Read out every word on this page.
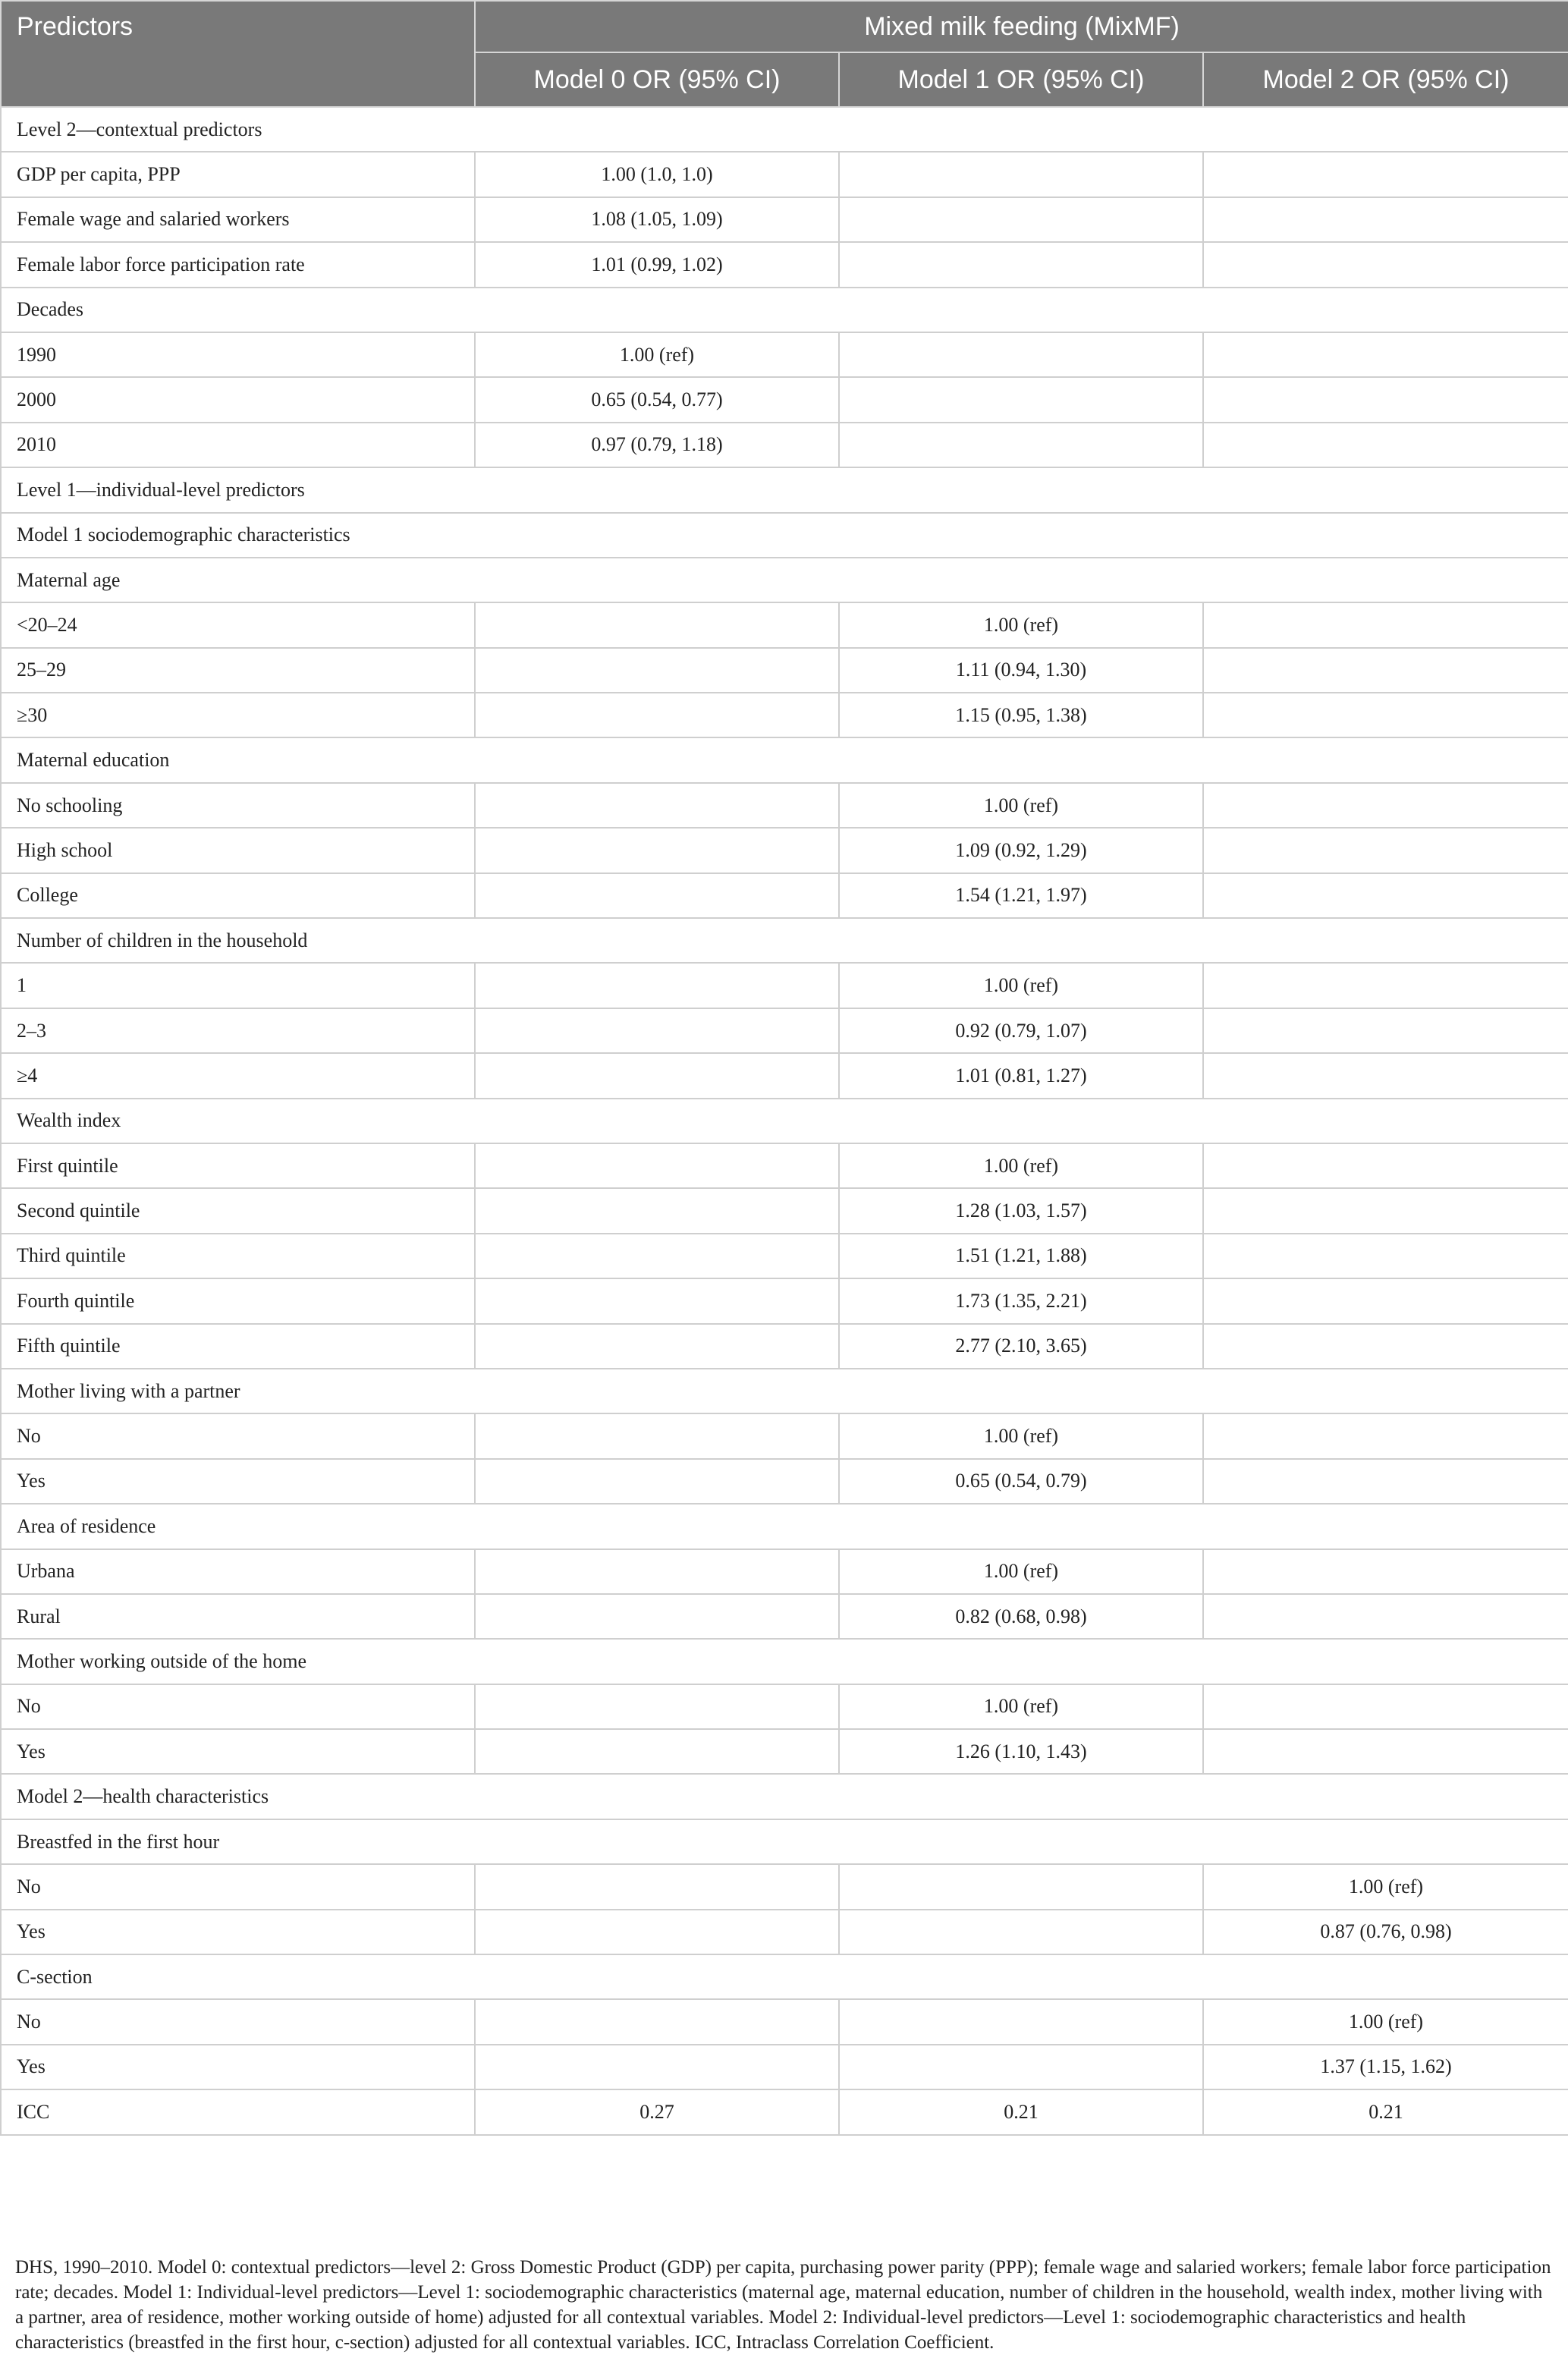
Predictors	Mixed milk feeding (MixMF)		
	Model 0 OR (95% CI)	Model 1 OR (95% CI)	Model 2 OR (95% CI)
Level 2—contextual predictors			
GDP per capita, PPP	1.00 (1.0, 1.0)		
Female wage and salaried workers	1.08 (1.05, 1.09)		
Female labor force participation rate	1.01 (0.99, 1.02)		
Decades			
1990	1.00 (ref)		
2000	0.65 (0.54, 0.77)		
2010	0.97 (0.79, 1.18)		
Level 1—individual-level predictors			
Model 1 sociodemographic characteristics			
Maternal age			
<20–24		1.00 (ref)	
25–29		1.11 (0.94, 1.30)	
≥30		1.15 (0.95, 1.38)	
Maternal education			
No schooling		1.00 (ref)	
High school		1.09 (0.92, 1.29)	
College		1.54 (1.21, 1.97)	
Number of children in the household			
1		1.00 (ref)	
2–3		0.92 (0.79, 1.07)	
≥4		1.01 (0.81, 1.27)	
Wealth index			
First quintile		1.00 (ref)	
Second quintile		1.28 (1.03, 1.57)	
Third quintile		1.51 (1.21, 1.88)	
Fourth quintile		1.73 (1.35, 2.21)	
Fifth quintile		2.77 (2.10, 3.65)	
Mother living with a partner			
No		1.00 (ref)	
Yes		0.65 (0.54, 0.79)	
Area of residence			
Urbana		1.00 (ref)	
Rural		0.82 (0.68, 0.98)	
Mother working outside of the home			
No		1.00 (ref)	
Yes		1.26 (1.10, 1.43)	
Model 2—health characteristics			
Breastfed in the first hour			
No			1.00 (ref)
Yes			0.87 (0.76, 0.98)
C-section			
No			1.00 (ref)
Yes			1.37 (1.15, 1.62)
ICC	0.27	0.21	0.21
DHS, 1990–2010. Model 0: contextual predictors—level 2: Gross Domestic Product (GDP) per capita, purchasing power parity (PPP); female wage and salaried workers; female labor force participation rate; decades. Model 1: Individual-level predictors—Level 1: sociodemographic characteristics (maternal age, maternal education, number of children in the household, wealth index, mother living with a partner, area of residence, mother working outside of home) adjusted for all contextual variables. Model 2: Individual-level predictors—Level 1: sociodemographic characteristics and health characteristics (breastfed in the first hour, c-section) adjusted for all contextual variables. ICC, Intraclass Correlation Coefficient.
